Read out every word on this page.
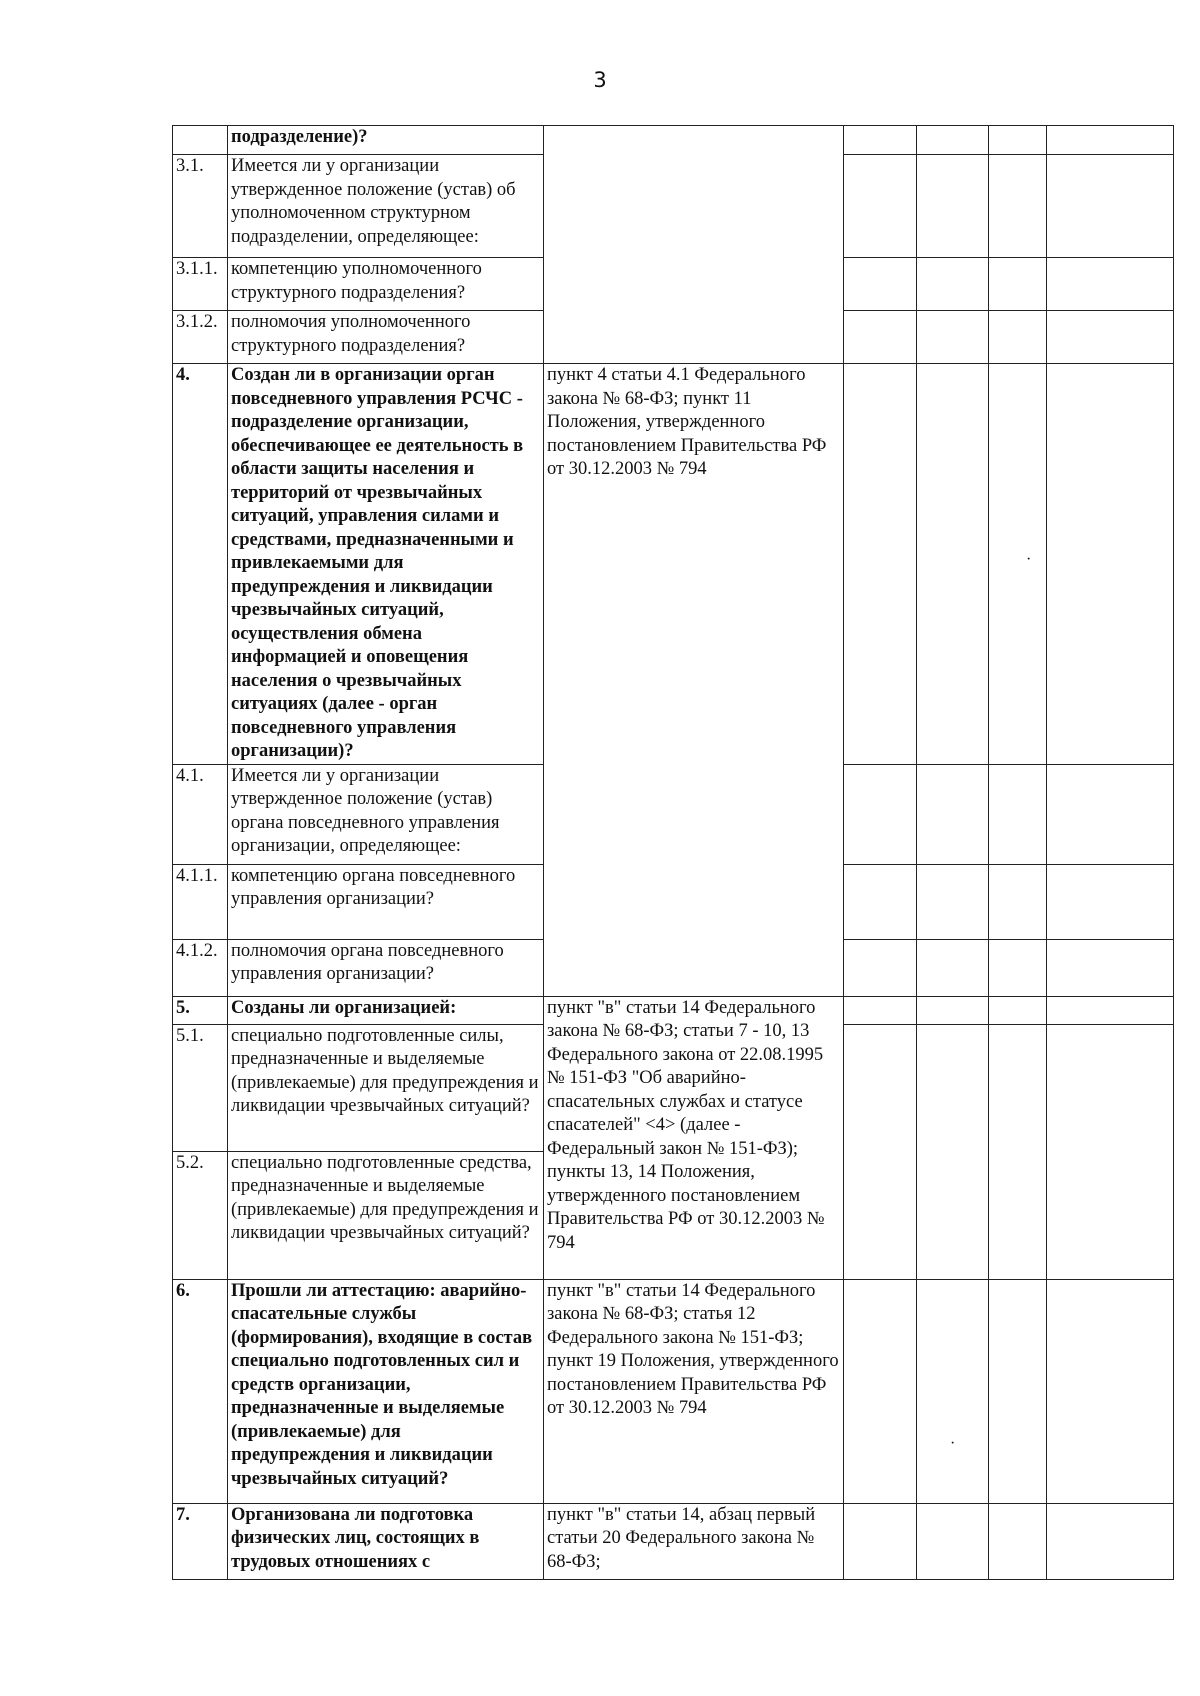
3
	подразделение)?					
3.1.	Имеется ли у организации утвержденное положение (устав) об уполномоченном структурном подразделении, определяющее:					
3.1.1.	компетенцию уполномоченного структурного подразделения?					
3.1.2.	полномочия уполномоченного структурного подразделения?					
4.	Создан ли в организации орган повседневного управления РСЧС - подразделение организации, обеспечивающее ее деятельность в области защиты населения и территорий от чрезвычайных ситуаций, управления силами и средствами, предназначенными и привлекаемыми для предупреждения и ликвидации чрезвычайных ситуаций, осуществления обмена информацией и оповещения населения о чрезвычайных ситуациях (далее - орган повседневного управления организации)?	пункт 4 статьи 4.1 Федерального закона № 68-ФЗ; пункт 11 Положения, утвержденного постановлением Правительства РФ от 30.12.2003 № 794				
4.1.	Имеется ли у организации утвержденное положение (устав) органа повседневного управления организации, определяющее:					
4.1.1.	компетенцию органа повседневного управления организации?					
4.1.2.	полномочия органа повседневного управления организации?					
5.	Созданы ли организацией:	пункт "в" статьи 14 Федерального закона № 68-ФЗ; статьи 7 - 10, 13 Федерального закона от 22.08.1995 № 151-ФЗ "Об аварийно-спасательных службах и статусе спасателей" <4> (далее - Федеральный закон № 151-ФЗ); пункты 13, 14 Положения, утвержденного постановлением Правительства РФ от 30.12.2003 № 794				
5.1.	специально подготовленные силы, предназначенные и выделяемые (привлекаемые) для предупреждения и ликвидации чрезвычайных ситуаций?					
5.2.	специально подготовленные средства, предназначенные и выделяемые (привлекаемые) для предупреждения и ликвидации чрезвычайных ситуаций?					
6.	Прошли ли аттестацию: аварийно-спасательные службы (формирования), входящие в состав специально подготовленных сил и средств организации, предназначенные и выделяемые (привлекаемые) для предупреждения и ликвидации чрезвычайных ситуаций?	пункт "в" статьи 14 Федерального закона № 68-ФЗ; статья 12 Федерального закона № 151-ФЗ; пункт 19 Положения, утвержденного постановлением Правительства РФ от 30.12.2003 № 794				
7.	Организована ли подготовка физических лиц, состоящих в трудовых отношениях с	пункт "в" статьи 14, абзац первый статьи 20 Федерального закона № 68-ФЗ;				
·
·
